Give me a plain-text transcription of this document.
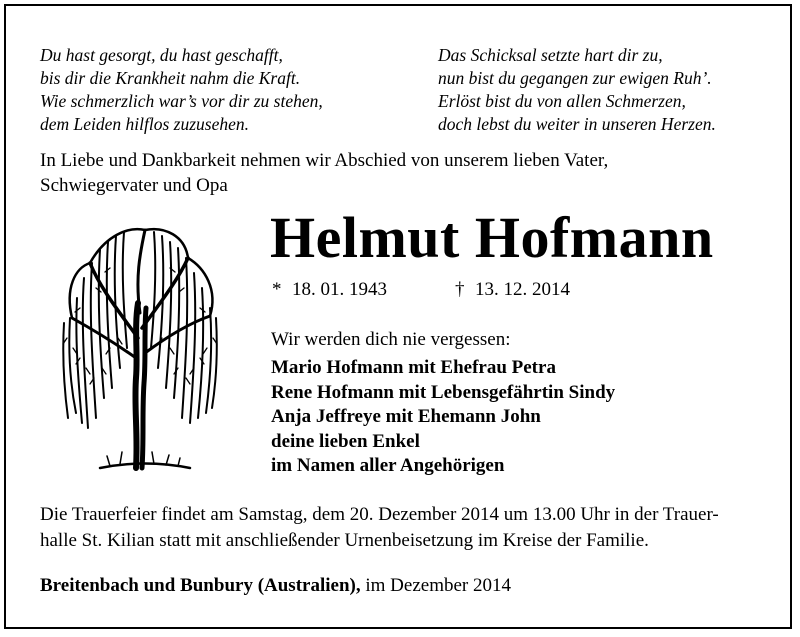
Du hast gesorgt, du hast geschafft,
bis dir die Krankheit nahm die Kraft.
Wie schmerzlich war’s vor dir zu stehen,
dem Leiden hilflos zuzusehen.
Das Schicksal setzte hart dir zu,
nun bist du gegangen zur ewigen Ruh’.
Erlöst bist du von allen Schmerzen,
doch lebst du weiter in unseren Herzen.
In Liebe und Dankbarkeit nehmen wir Abschied von unserem lieben Vater,
Schwiegervater und Opa
Helmut Hofmann
* 18. 01. 1943	† 13. 12. 2014
Wir werden dich nie vergessen:
Mario Hofmann mit Ehefrau Petra
Rene Hofmann mit Lebensgefährtin Sindy
Anja Jeffreye mit Ehemann John
deine lieben Enkel
im Namen aller Angehörigen
Die Trauerfeier findet am Samstag, dem 20. Dezember 2014 um 13.00 Uhr in der Trauer-
halle St. Kilian statt mit anschließender Urnenbeisetzung im Kreise der Familie.
Breitenbach und Bunbury (Australien), im Dezember 2014
